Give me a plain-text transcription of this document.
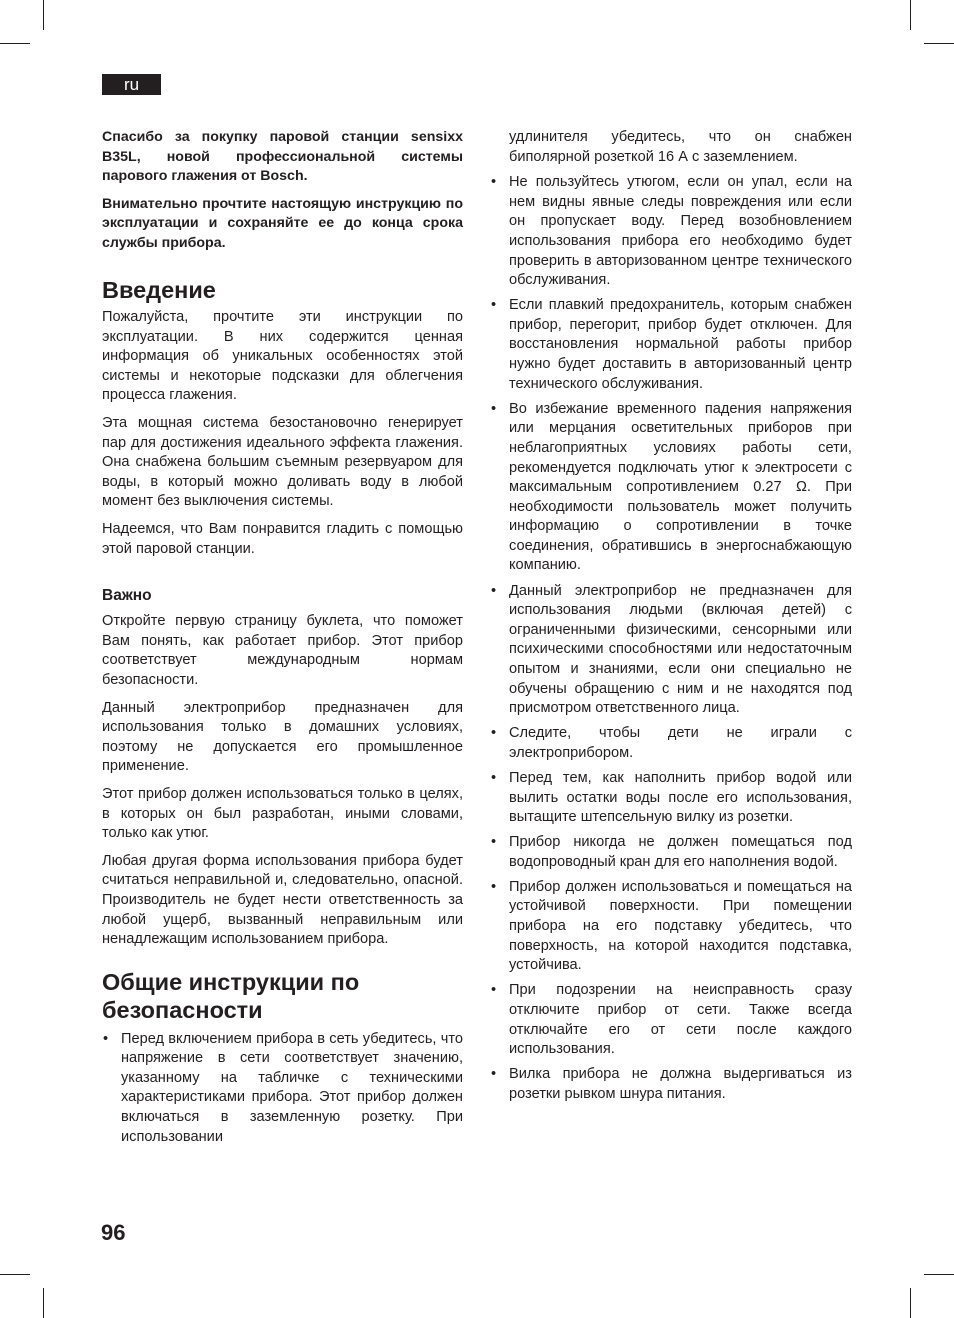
ru

Спасибо за покупку паровой станции sensixx B35L, новой профессиональной системы парового глажения от Bosch.

Внимательно прочтите настоящую инструкцию по эксплуатации и сохраняйте ее до конца срока службы прибора.

Введение

Пожалуйста, прочтите эти инструкции по эксплуатации. В них содержится ценная информация об уникальных особенностях этой системы и некоторые подсказки для облегчения процесса глажения.

Эта мощная система безостановочно генерирует пар для достижения идеального эффекта глажения. Она снабжена большим съемным резервуаром для воды, в который можно доливать воду в любой момент без выключения системы.

Надеемся, что Вам понравится гладить с помощью этой паровой станции.

Важно

Откройте первую страницу буклета, что поможет Вам понять, как работает прибор. Этот прибор соответствует международным нормам безопасности.

Данный электроприбор предназначен для использования только в домашних условиях, поэтому не допускается его промышленное применение.

Этот прибор должен использоваться только в целях, в которых он был разработан, иными словами, только как утюг.

Любая другая форма использования прибора будет считаться неправильной и, следовательно, опасной. Производитель не будет нести ответственность за любой ущерб, вызванный неправильным или ненадлежащим использованием прибора.

Общие инструкции по безопасности
• Перед включением прибора в сеть убедитесь, что напряжение в сети соответствует значению, указанному на табличке с техническими характеристиками прибора. Этот прибор должен включаться в заземленную розетку. При использовании

удлинителя убедитесь, что он снабжен биполярной розеткой 16 А с заземлением.

• Не пользуйтесь утюгом, если он упал, если на нем видны явные следы повреждения или если он пропускает воду. Перед возобновлением использования прибора его необходимо будет проверить в авторизованном центре технического обслуживания.
• Если плавкий предохранитель, которым снабжен прибор, перегорит, прибор будет отключен. Для восстановления нормальной работы прибор нужно будет доставить в авторизованный центр технического обслуживания.
• Во избежание временного падения напряжения или мерцания осветительных приборов при неблагоприятных условиях работы сети, рекомендуется подключать утюг к электросети с максимальным сопротивлением 0.27 Ω. При необходимости пользователь может получить информацию о сопротивлении в точке соединения, обратившись в энергоснабжающую компанию.
• Данный электроприбор не предназначен для использования людьми (включая детей) с ограниченными физическими, сенсорными или психическими способностями или недостаточным опытом и знаниями, если они специально не обучены обращению с ним и не находятся под присмотром ответственного лица.
• Следите, чтобы дети не играли с электроприбором.
• Перед тем, как наполнить прибор водой или вылить остатки воды после его использования, вытащите штепсельную вилку из розетки.
• Прибор никогда не должен помещаться под водопроводный кран для его наполнения водой.
• Прибор должен использоваться и помещаться на устойчивой поверхности. При помещении прибора на его подставку убедитесь, что поверхность, на которой находится подставка, устойчива.
• При подозрении на неисправность сразу отключите прибор от сети. Также всегда отключайте его от сети после каждого использования.
• Вилка прибора не должна выдергиваться из розетки рывком шнура питания.
96
